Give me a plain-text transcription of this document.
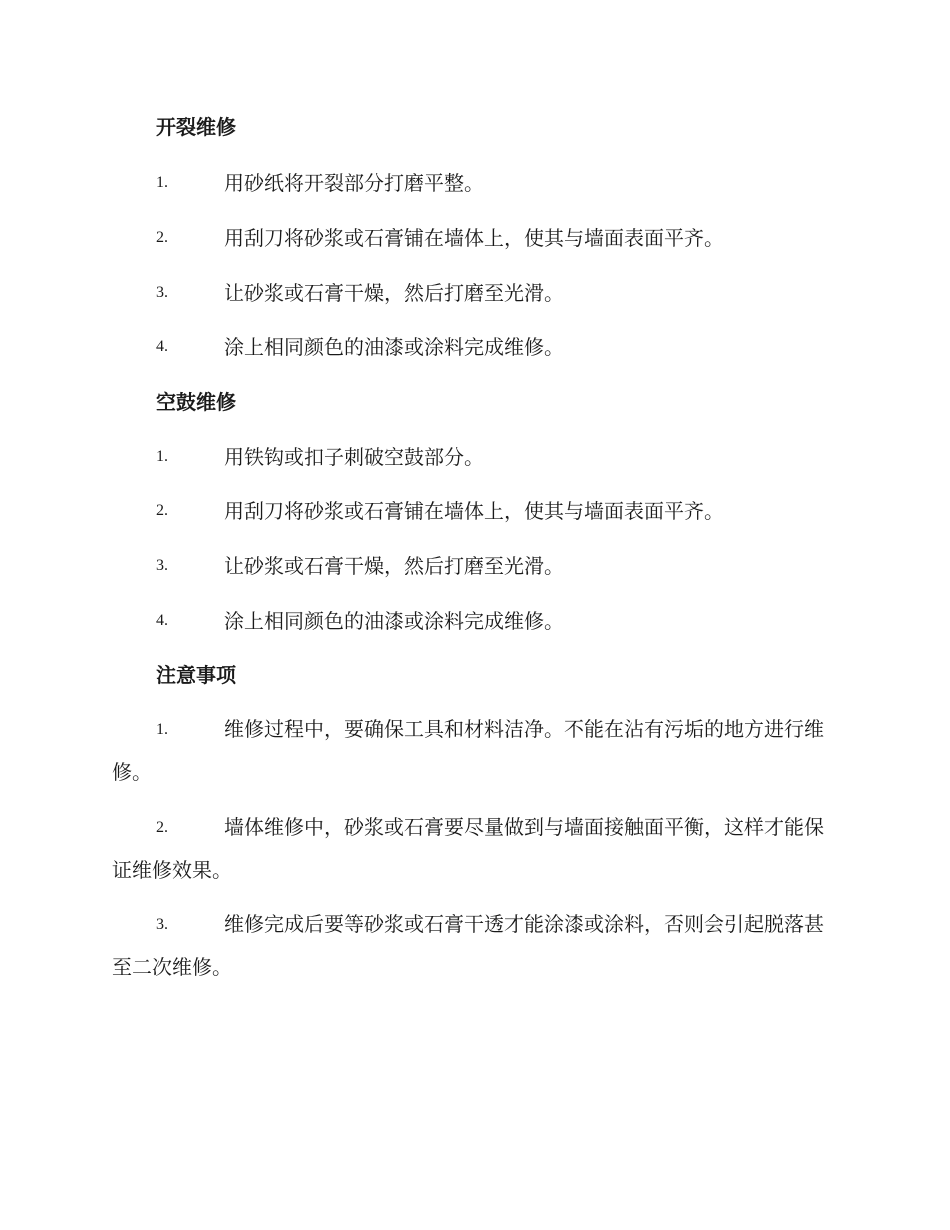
开裂维修
1.	用砂纸将开裂部分打磨平整。
2.	用刮刀将砂浆或石膏铺在墙体上，使其与墙面表面平齐。
3.	让砂浆或石膏干燥，然后打磨至光滑。
4.	涂上相同颜色的油漆或涂料完成维修。
空鼓维修
1.	用铁钩或扣子刺破空鼓部分。
2.	用刮刀将砂浆或石膏铺在墙体上，使其与墙面表面平齐。
3.	让砂浆或石膏干燥，然后打磨至光滑。
4.	涂上相同颜色的油漆或涂料完成维修。
注意事项
1.	维修过程中，要确保工具和材料洁净。不能在沾有污垢的地方进行维修。
2.	墙体维修中，砂浆或石膏要尽量做到与墙面接触面平衡，这样才能保证维修效果。
3.	维修完成后要等砂浆或石膏干透才能涂漆或涂料，否则会引起脱落甚至二次维修。
